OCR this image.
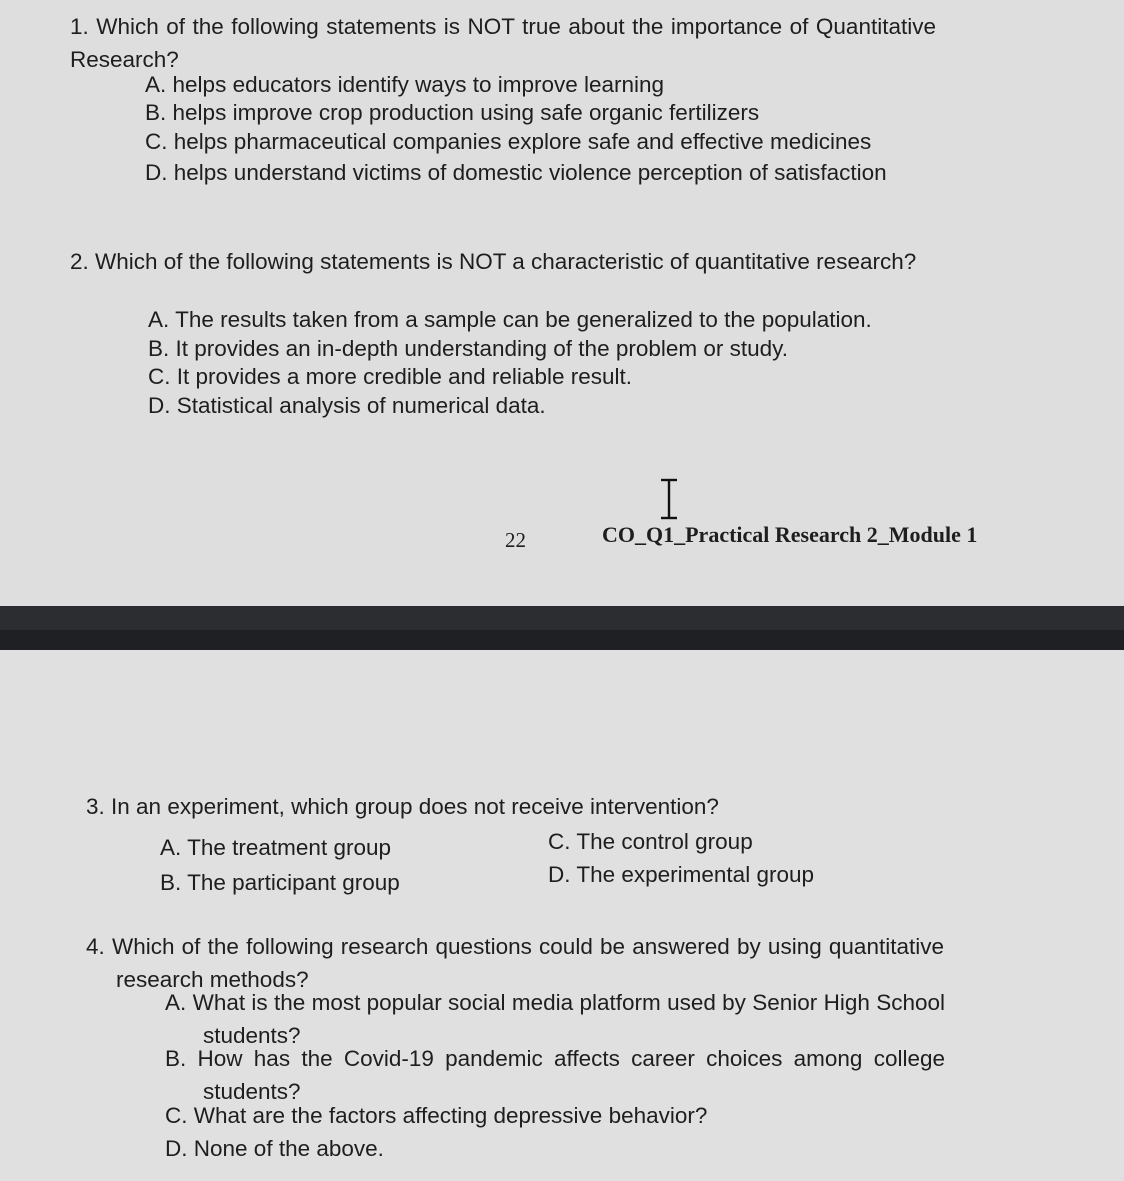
1. Which of the following statements is NOT true about the importance of Quantitative Research?
A. helps educators identify ways to improve learning
B. helps improve crop production using safe organic fertilizers
C. helps pharmaceutical companies explore safe and effective medicines
D. helps understand victims of domestic violence perception of satisfaction
2. Which of the following statements is NOT a characteristic of quantitative research?
A. The results taken from a sample can be generalized to the population.
B. It provides an in-depth understanding of the problem or study.
C. It provides a more credible and reliable result.
D. Statistical analysis of numerical data.
22	CO_Q1_Practical Research 2_Module 1
3. In an experiment, which group does not receive intervention?
A. The treatment group
B. The participant group
C. The control group
D. The experimental group
4. Which of the following research questions could be answered by using quantitative research methods?
A. What is the most popular social media platform used by Senior High School students?
B. How has the Covid-19 pandemic affects career choices among college students?
C. What are the factors affecting depressive behavior?
D. None of the above.
